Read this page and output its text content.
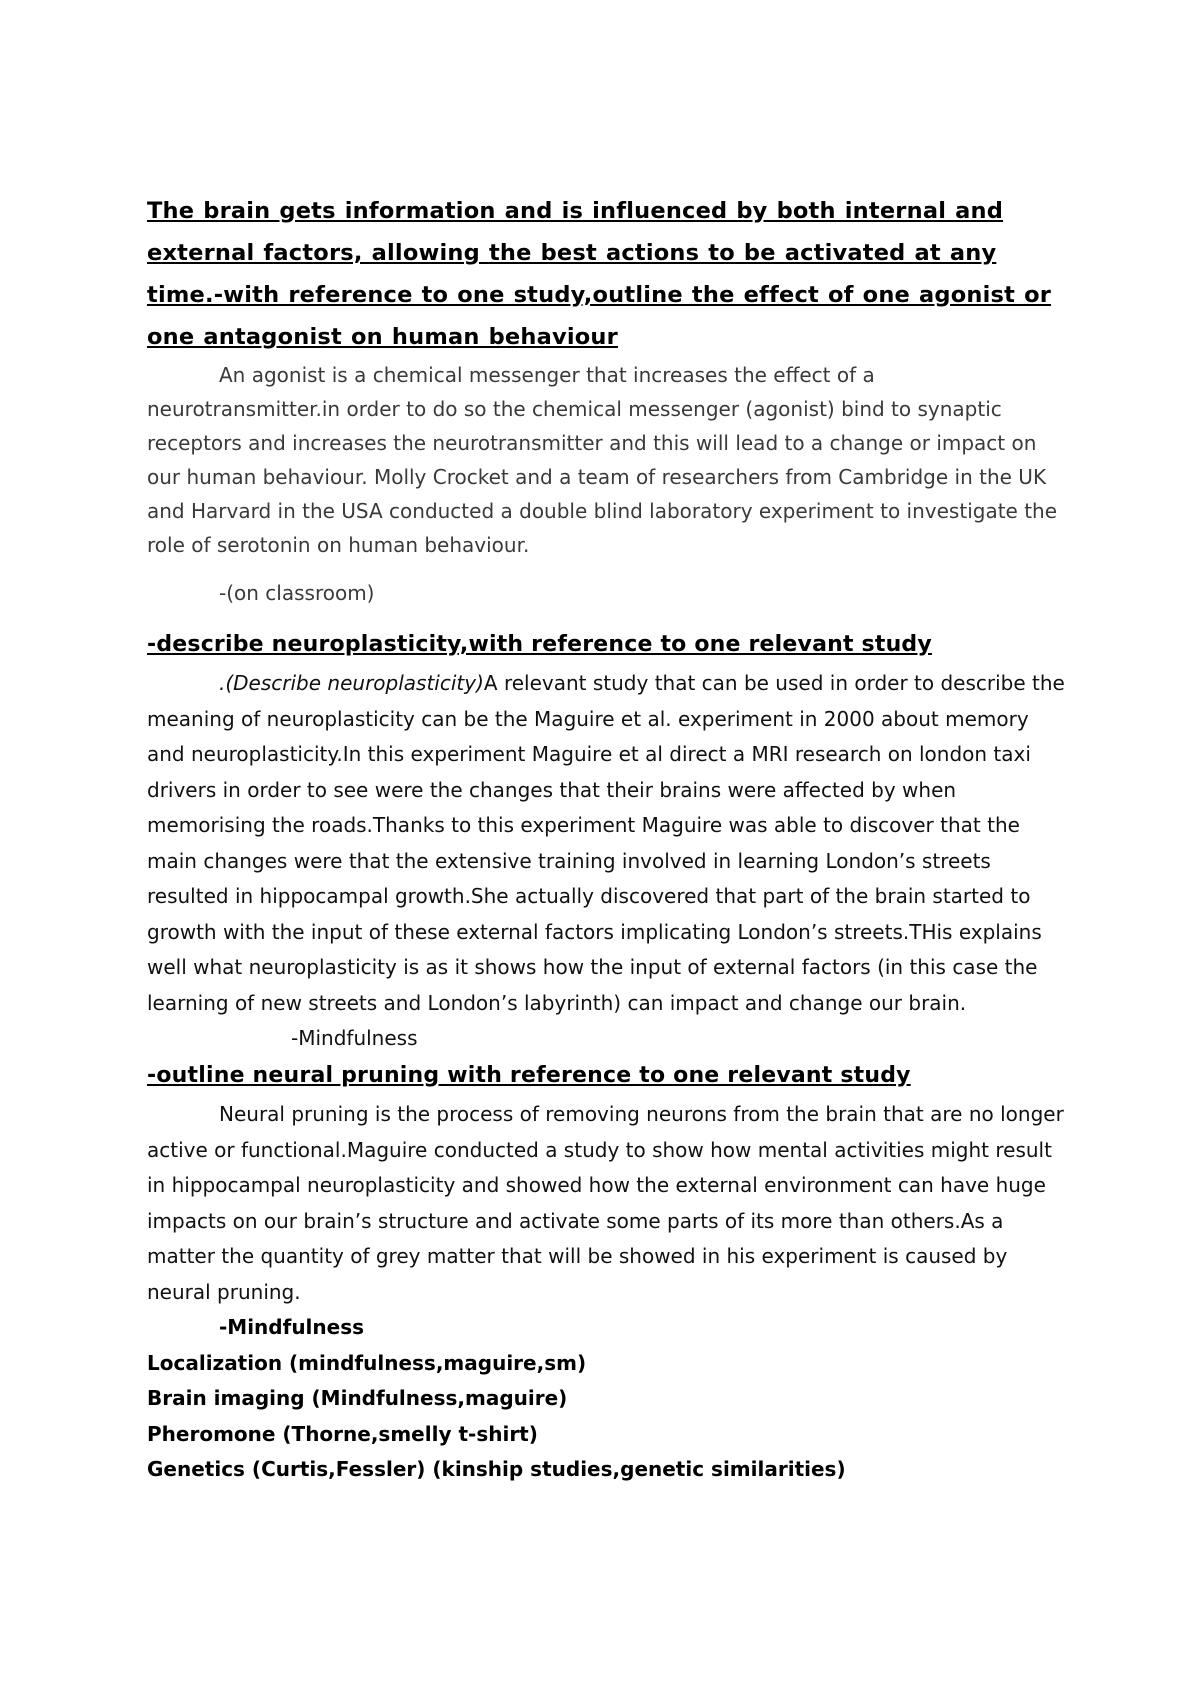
The brain gets information and is influenced by both internal and external factors, allowing the best actions to be activated at any time.-with reference to one study,outline the effect of one agonist or one antagonist on human behaviour

An agonist is a chemical messenger that increases the effect of a neurotransmitter.in order to do so the chemical messenger (agonist) bind to synaptic receptors and increases the neurotransmitter and this will lead to a change or impact on our human behaviour. Molly Crocket and a team of researchers from Cambridge in the UK and Harvard in the USA conducted a double blind laboratory experiment to investigate the role of serotonin on human behaviour.

-(on classroom)

-describe neuroplasticity,with reference to one relevant study

.(Describe neuroplasticity)A relevant study that can be used in order to describe the meaning of neuroplasticity can be the Maguire et al. experiment in 2000 about memory and neuroplasticity.In this experiment Maguire et al direct a MRI research on london taxi drivers in order to see were the changes that their brains were affected by when memorising the roads.Thanks to this experiment Maguire was able to discover that the main changes were that the extensive training involved in learning London’s streets resulted in hippocampal growth.She actually discovered that part of the brain started to growth with the input of these external factors implicating London’s streets.THis explains well what neuroplasticity is as it shows how the input of external factors (in this case the learning of new streets and London’s labyrinth) can impact and change our brain.

-Mindfulness

-outline neural pruning with reference to one relevant study

Neural pruning is the process of removing neurons from the brain that are no longer active or functional.Maguire conducted a study to show how mental activities might result in hippocampal neuroplasticity and showed how the external environment can have huge impacts on our brain’s structure and activate some parts of its more than others.As a matter the quantity of grey matter that will be showed in his experiment is caused by neural pruning.

-Mindfulness

Localization (mindfulness,maguire,sm)

Brain imaging (Mindfulness,maguire)

Pheromone (Thorne,smelly t-shirt)

Genetics (Curtis,Fessler) (kinship studies,genetic similarities)
